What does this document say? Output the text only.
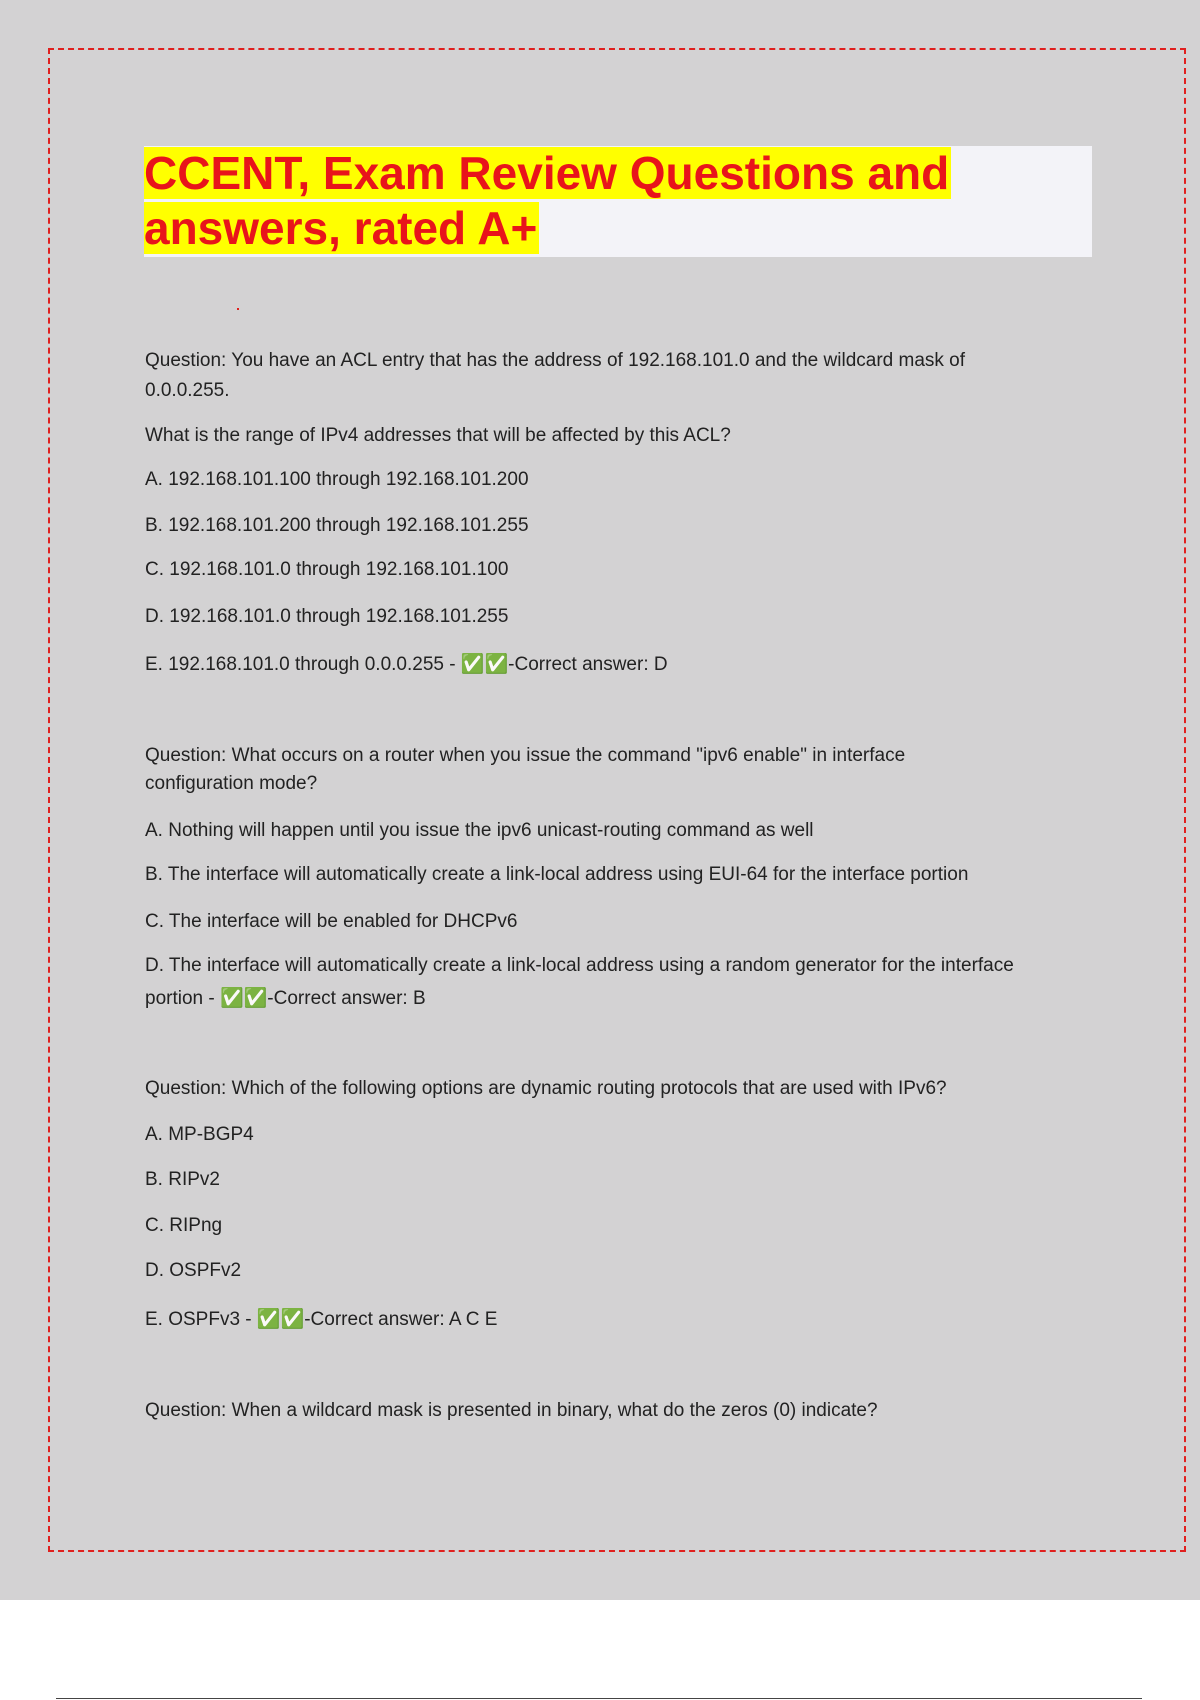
CCENT, Exam Review Questions and
answers, rated A+
Question: You have an ACL entry that has the address of 192.168.101.0 and the wildcard mask of
0.0.0.255.
What is the range of IPv4 addresses that will be affected by this ACL?
A. 192.168.101.100 through 192.168.101.200
B. 192.168.101.200 through 192.168.101.255
C. 192.168.101.0 through 192.168.101.100
D. 192.168.101.0 through 192.168.101.255
E. 192.168.101.0 through 0.0.0.255 - ✅✅-Correct answer: D
Question: What occurs on a router when you issue the command "ipv6 enable" in interface
configuration mode?
A. Nothing will happen until you issue the ipv6 unicast-routing command as well
B. The interface will automatically create a link-local address using EUI-64 for the interface portion
C. The interface will be enabled for DHCPv6
D. The interface will automatically create a link-local address using a random generator for the interface
portion - ✅✅-Correct answer: B
Question: Which of the following options are dynamic routing protocols that are used with IPv6?
A. MP-BGP4
B. RIPv2
C. RIPng
D. OSPFv2
E. OSPFv3 - ✅✅-Correct answer: A C E
Question: When a wildcard mask is presented in binary, what do the zeros (0) indicate?
